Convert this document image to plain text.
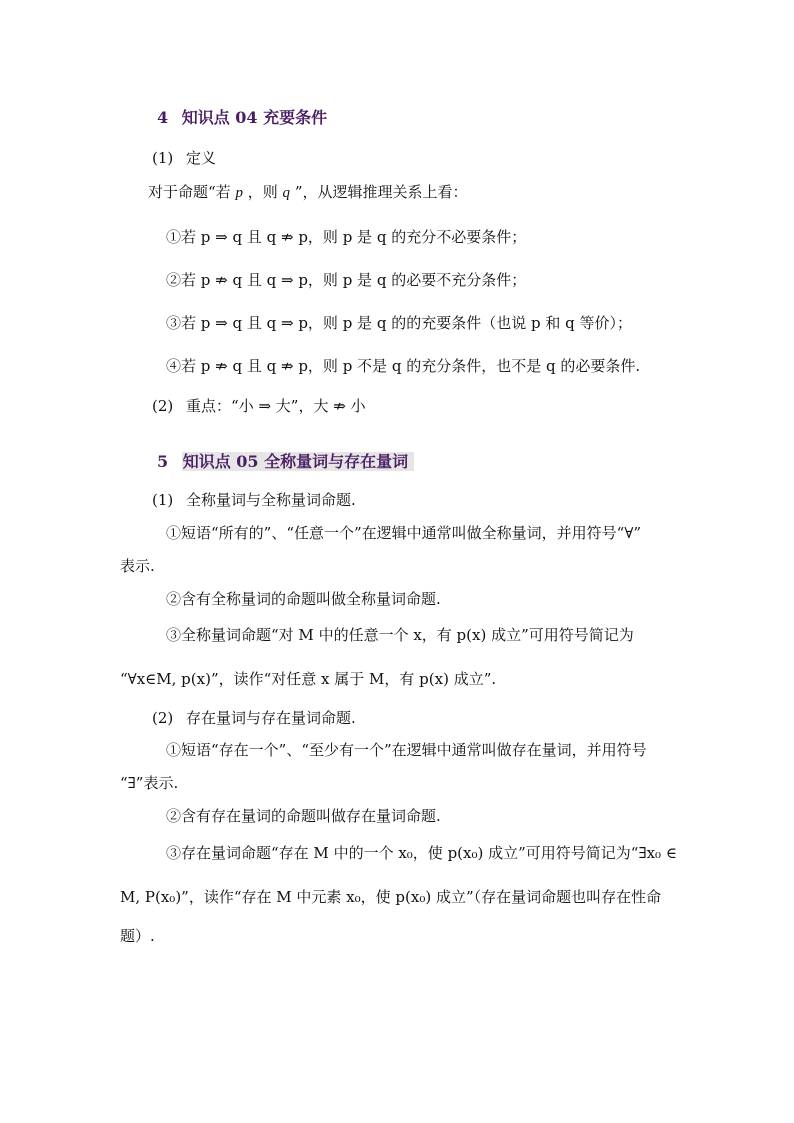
4 知识点 04 充要条件
(1) 定义
对于命题“若 p ，则 q ”，从逻辑推理关系上看：
①若 p ⇒ q 且 q ⇏ p，则 p 是 q 的充分不必要条件；
②若 p ⇏ q 且 q ⇒ p，则 p 是 q 的必要不充分条件；
③若 p ⇒ q 且 q ⇒ p，则 p 是 q 的的充要条件（也说 p 和 q 等价）；
④若 p ⇏ q 且 q ⇏ p，则 p 不是 q 的充分条件，也不是 q 的必要条件.
(2) 重点：“小 ⇒ 大”，大 ⇏ 小
5 知识点 05 全称量词与存在量词
(1) 全称量词与全称量词命题.
①短语“所有的”、“任意一个”在逻辑中通常叫做全称量词，并用符号“∀”
表示.
②含有全称量词的命题叫做全称量词命题.
③全称量词命题“对 M 中的任意一个 x，有 p(x) 成立”可用符号简记为
“∀x∈M, p(x)”，读作“对任意 x 属于 M，有 p(x) 成立”.
(2) 存在量词与存在量词命题.
①短语“存在一个”、“至少有一个”在逻辑中通常叫做存在量词，并用符号
“∃”表示.
②含有存在量词的命题叫做存在量词命题.
③存在量词命题“存在 M 中的一个 x₀，使 p(x₀) 成立”可用符号简记为“∃x₀ ∈
M, P(x₀)”，读作“存在 M 中元素 x₀，使 p(x₀) 成立”（存在量词命题也叫存在性命
题）.
